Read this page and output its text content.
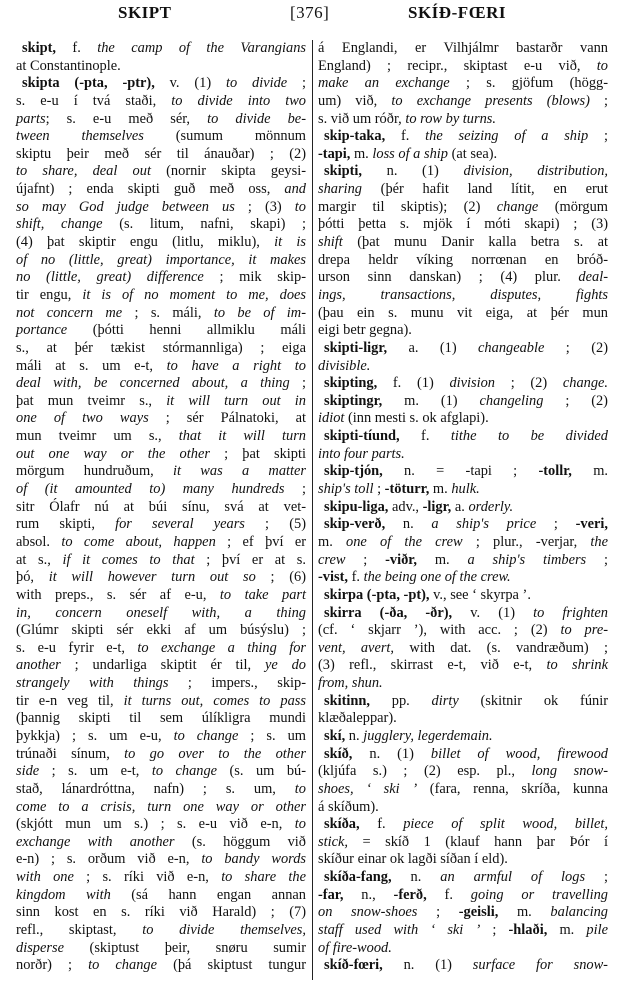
SKIPT	[376]	SKÍÐ-FŒRI
skipt, f. the camp of the Varangians
at Constantinople.
skipta (-pta, -ptr), v. (1) to divide ;
s. e-u í tvá staði, to divide into two
parts; s. e-u með sér, to divide be-
tween themselves (sumum mönnum
skiptu þeir með sér til ánauðar) ; (2)
to share, deal out (nornir skipta geysi-
újafnt) ; enda skipti guð með oss, and
so may God judge between us ; (3) to
shift, change (s. litum, nafni, skapi) ;
(4) þat skiptir engu (litlu, miklu), it is
of no (little, great) importance, it makes
no (little, great) difference ; mik skip-
tir engu, it is of no moment to me, does
not concern me ; s. máli, to be of im-
portance (þótti henni allmiklu máli
s., at þér tækist stórmannliga) ; eiga
máli at s. um e-t, to have a right to
deal with, be concerned about, a thing ;
þat mun tveimr s., it will turn out in
one of two ways ; sér Pálnatoki, at
mun tveimr um s., that it will turn
out one way or the other ; þat skipti
mörgum hundruðum, it was a matter
of (it amounted to) many hundreds ;
sitr Ólafr nú at búi sínu, svá at vet-
rum skipti, for several years ; (5)
absol. to come about, happen ; ef því er
at s., if it comes to that ; því er at s.
þó, it will however turn out so ; (6)
with preps., s. sér af e-u, to take part
in, concern oneself with, a thing
(Glúmr skipti sér ekki af um búsýslu) ;
s. e-u fyrir e-t, to exchange a thing for
another ; undarliga skiptit ér til, ye do
strangely with things ; impers., skip-
tir e-n veg til, it turns out, comes to pass
(þannig skipti til sem úlíkligra mundi
þykkja) ; s. um e-u, to change ; s. um
trúnaði sínum, to go over to the other
side ; s. um e-t, to change (s. um bú-
stað, lánardróttna, nafn) ; s. um, to
come to a crisis, turn one way or other
(skjótt mun um s.) ; s. e-u við e-n, to
exchange with another (s. höggum við
e-n) ; s. orðum við e-n, to bandy words
with one ; s. ríki við e-n, to share the
kingdom with (sá hann engan annan
sinn kost en s. ríki við Harald) ; (7)
refl., skiptast, to divide themselves,
disperse (skiptust þeir, snøru sumir
norðr) ; to change (þá skiptust tungur
á Englandi, er Vilhjálmr bastarðr vann
England) ; recipr., skiptast e-u við, to
make an exchange ; s. gjöfum (högg-
um) við, to exchange presents (blows) ;
s. við um róðr, to row by turns.
skip-taka, f. the seizing of a ship ;
-tapi, m. loss of a ship (at sea).
skipti, n. (1) division, distribution,
sharing (þér hafit land lítit, en erut
margir til skiptis); (2) change (mörgum
þótti þetta s. mjök í móti skapi) ; (3)
shift (þat munu Danir kalla betra s. at
drepa heldr víking norrœnan en bróð-
urson sinn danskan) ; (4) plur. deal-
ings, transactions, disputes, fights
(þau ein s. munu vit eiga, at þér mun
eigi betr gegna).
skipti-ligr, a. (1) changeable ; (2)
divisible.
skipting, f. (1) division ; (2) change.
skiptingr, m. (1) changeling ; (2)
idiot (inn mesti s. ok afglapi).
skipti-tíund, f. tithe to be divided
into four parts.
skip-tjón, n. = -tapi ; -tollr, m.
ship's toll ; -töturr, m. hulk.
skipu-liga, adv., -ligr, a. orderly.
skip-verð, n. a ship's price ; -veri,
m. one of the crew ; plur., -verjar, the
crew ; -viðr, m. a ship's timbers ;
-vist, f. the being one of the crew.
skirpa (-pta, -pt), v., see ‘ skyrpa ’.
skirra (-ða, -ðr), v. (1) to frighten
(cf. ‘ skjarr ’), with acc. ; (2) to pre-
vent, avert, with dat. (s. vandræðum) ;
(3) refl., skirrast e-t, við e-t, to shrink
from, shun.
skitinn, pp. dirty (skitnir ok fúnir
klæðaleppar).
skí, n. jugglery, legerdemain.
skíð, n. (1) billet of wood, firewood
(kljúfa s.) ; (2) esp. pl., long snow-
shoes, ‘ ski ’ (fara, renna, skríða, kunna
á skíðum).
skíða, f. piece of split wood, billet,
stick, = skíð 1 (klauf hann þar Þór í
skíður einar ok lagði síðan í eld).
skíða-fang, n. an armful of logs ;
-far, n., -ferð, f. going or travelling
on snow-shoes ; -geisli, m. balancing
staff used with ‘ ski ’ ; -hlaði, m. pile
of fire-wood.
skíð-fœri, n. (1) surface for snow-
